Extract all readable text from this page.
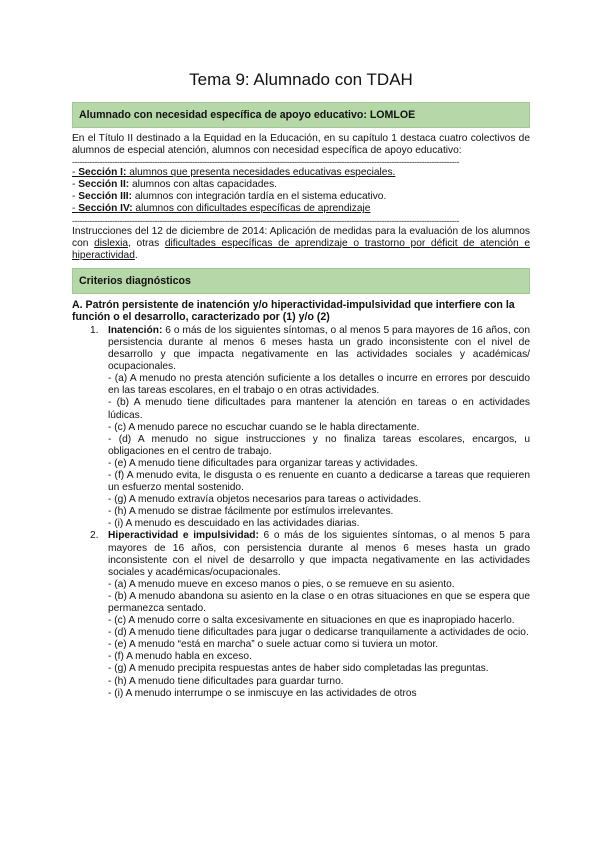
Tema 9: Alumnado con TDAH
Alumnado con necesidad específica de apoyo educativo: LOMLOE

En el Título II destinado a la Equidad en la Educación, en su capítulo 1 destaca cuatro colectivos de alumnos de especial atención, alumnos con necesidad específica de apoyo educativo:

-----------------------------------------------------------------------------------------------------------------------------------------------------------

- Sección I: alumnos que presenta necesidades educativas especiales.

- Sección II: alumnos con altas capacidades.

- Sección III: alumnos con integración tardía en el sistema educativo.

- Sección IV: alumnos con dificultades específicas de aprendizaje

-----------------------------------------------------------------------------------------------------------------------------------------------------------

Instrucciones del 12 de diciembre de 2014: Aplicación de medidas para la evaluación de los alumnos con dislexia, otras dificultades específicas de aprendizaje o trastorno por déficit de atención e hiperactividad.

Criterios diagnósticos

A. Patrón persistente de inatención y/o hiperactividad-impulsividad que interfiere con la función o el desarrollo, caracterizado por (1) y/o (2)

1. Inatención: 6 o más de los siguientes síntomas, o al menos 5 para mayores de 16 años, con persistencia durante al menos 6 meses hasta un grado inconsistente con el nivel de desarrollo y que impacta negativamente en las actividades sociales y académicas/ ocupacionales.

- (a) A menudo no presta atención suficiente a los detalles o incurre en errores por descuido en las tareas escolares, en el trabajo o en otras actividades.

- (b) A menudo tiene dificultades para mantener la atención en tareas o en actividades lúdicas.

- (c) A menudo parece no escuchar cuando se le habla directamente.

- (d) A menudo no sigue instrucciones y no finaliza tareas escolares, encargos, u obligaciones en el centro de trabajo.

- (e) A menudo tiene dificultades para organizar tareas y actividades.

- (f) A menudo evita, le disgusta o es renuente en cuanto a dedicarse a tareas que requieren un esfuerzo mental sostenido.

- (g) A menudo extravía objetos necesarios para tareas o actividades.

- (h) A menudo se distrae fácilmente por estímulos irrelevantes.

- (i) A menudo es descuidado en las actividades diarias.

2. Hiperactividad e impulsividad: 6 o más de los siguientes síntomas, o al menos 5 para mayores de 16 años, con persistencia durante al menos 6 meses hasta un grado inconsistente con el nivel de desarrollo y que impacta negativamente en las actividades sociales y académicas/ocupacionales.

- (a) A menudo mueve en exceso manos o pies, o se remueve en su asiento.

- (b) A menudo abandona su asiento en la clase o en otras situaciones en que se espera que permanezca sentado.

- (c) A menudo corre o salta excesivamente en situaciones en que es inapropiado hacerlo.

- (d) A menudo tiene dificultades para jugar o dedicarse tranquilamente a actividades de ocio.

- (e) A menudo “está en marcha” o suele actuar como si tuviera un motor.

- (f) A menudo habla en exceso.

- (g) A menudo precipita respuestas antes de haber sido completadas las preguntas.

- (h) A menudo tiene dificultades para guardar turno.

- (i) A menudo interrumpe o se inmiscuye en las actividades de otros
